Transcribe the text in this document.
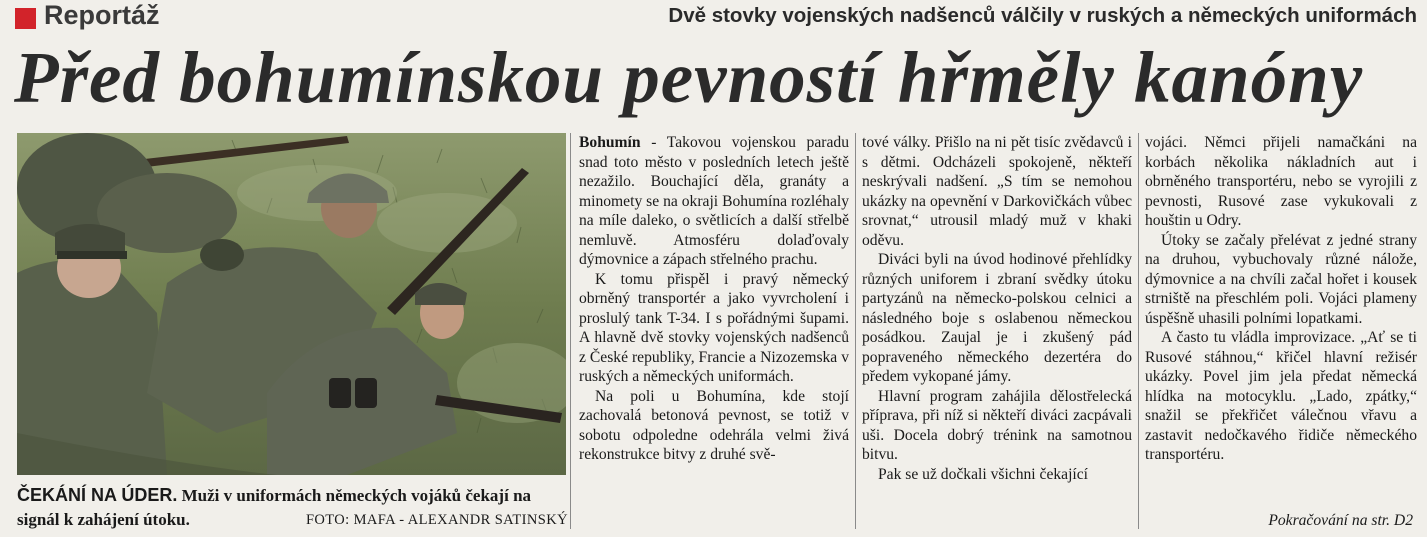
Reportáž	Dvě stovky vojenských nadšenců válčily v ruských a německých uniformách
Před bohumínskou pevností hřměly kanóny
ČEKÁNÍ NA ÚDER. Muži v uniformách německých vojáků čekají na signál k zahájení útoku.	FOTO: MAFA - ALEXANDR SATINSKÝ

Bohumín - Takovou vojenskou paradu snad toto město v posledních letech ještě nezažilo. Bouchající děla, granáty a minomety se na okraji Bohumína rozléhaly na míle daleko, o světlicích a další střelbě nemluvě. Atmosféru dolaďovaly dýmovnice a zápach střelného prachu.

K tomu přispěl i pravý německý obrněný transportér a jako vyvrcholení i proslulý tank T-34. I s pořádnými šupami. A hlavně dvě stovky vojenských nadšenců z České republiky, Francie a Nizozemska v ruských a německých uniformách.

Na poli u Bohumína, kde stojí zachovalá betonová pevnost, se totiž v sobotu odpoledne odehrála velmi živá rekonstrukce bitvy z druhé svě-

tové války. Přišlo na ni pět tisíc zvědavců i s dětmi. Odcházeli spokojeně, někteří neskrývali nadšení. „S tím se nemohou ukázky na opevnění v Darkovičkách vůbec srovnat,“ utrousil mladý muž v khaki oděvu.

Diváci byli na úvod hodinové přehlídky různých uniforem i zbraní svědky útoku partyzánů na německo-polskou celnici a následného boje s oslabenou německou posádkou. Zaujal je i zkušený pád popraveného německého dezertéra do předem vykopané jámy.

Hlavní program zahájila dělostřelecká příprava, při níž si někteří diváci zacpávali uši. Docela dobrý trénink na samotnou bitvu.

Pak se už dočkali všichni čekající

vojáci. Němci přijeli namačkáni na korbách několika nákladních aut i obrněného transportéru, nebo se vyrojili z pevnosti, Rusové zase vykukovali z houštin u Odry.

Útoky se začaly přelévat z jedné strany na druhou, vybuchovaly různé nálože, dýmovnice a na chvíli začal hořet i kousek strniště na přeschlém poli. Vojáci plameny úspěšně uhasili polními lopatkami.

A často tu vládla improvizace. „Ať se ti Rusové stáhnou,“ křičel hlavní režisér ukázky. Povel jim jela předat německá hlídka na motocyklu. „Lado, zpátky,“ snažil se překřičet válečnou vřavu a zastavit nedočkavého řidiče německého transportéru.

Pokračování na str. D2
